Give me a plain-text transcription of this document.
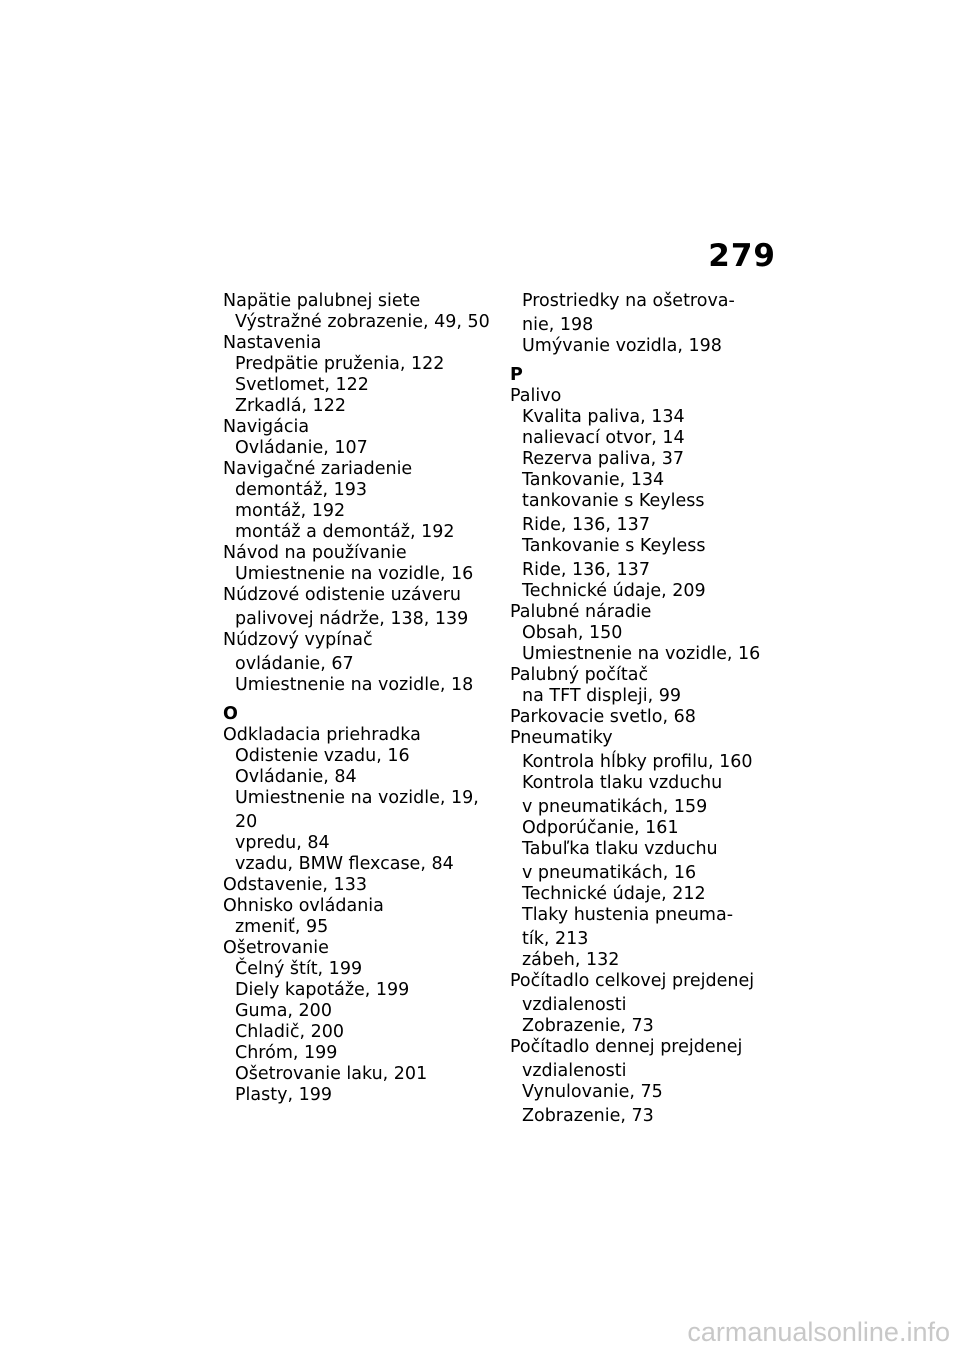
279
Napätie palubnej siete
Výstražné zobrazenie, 49, 50
Nastavenia
Predpätie pruženia, 122
Svetlomet, 122
Zrkadlá, 122
Navigácia
Ovládanie, 107
Navigačné zariadenie
demontáž, 193
montáž, 192
montáž a demontáž, 192
Návod na používanie
Umiestnenie na vozidle, 16
Núdzové odistenie uzáveru
palivovej nádrže, 138, 139
Núdzový vypínač
ovládanie, 67
Umiestnenie na vozidle, 18
O
Odkladacia priehradka
Odistenie vzadu, 16
Ovládanie, 84
Umiestnenie na vozidle, 19,
20
vpredu, 84
vzadu, BMW flexcase, 84
Odstavenie, 133
Ohnisko ovládania
zmeniť, 95
Ošetrovanie
Čelný štít, 199
Diely kapotáže, 199
Guma, 200
Chladič, 200
Chróm, 199
Ošetrovanie laku, 201
Plasty, 199
Prostriedky na ošetrova-
nie, 198
Umývanie vozidla, 198
P
Palivo
Kvalita paliva, 134
nalievací otvor, 14
Rezerva paliva, 37
Tankovanie, 134
tankovanie s Keyless
Ride, 136, 137
Tankovanie s Keyless
Ride, 136, 137
Technické údaje, 209
Palubné náradie
Obsah, 150
Umiestnenie na vozidle, 16
Palubný počítač
na TFT displeji, 99
Parkovacie svetlo, 68
Pneumatiky
Kontrola hĺbky profilu, 160
Kontrola tlaku vzduchu
v pneumatikách, 159
Odporúčanie, 161
Tabuľka tlaku vzduchu
v pneumatikách, 16
Technické údaje, 212
Tlaky hustenia pneuma-
tík, 213
zábeh, 132
Počítadlo celkovej prejdenej
vzdialenosti
Zobrazenie, 73
Počítadlo dennej prejdenej
vzdialenosti
Vynulovanie, 75
Zobrazenie, 73
carmanualsonline.info
